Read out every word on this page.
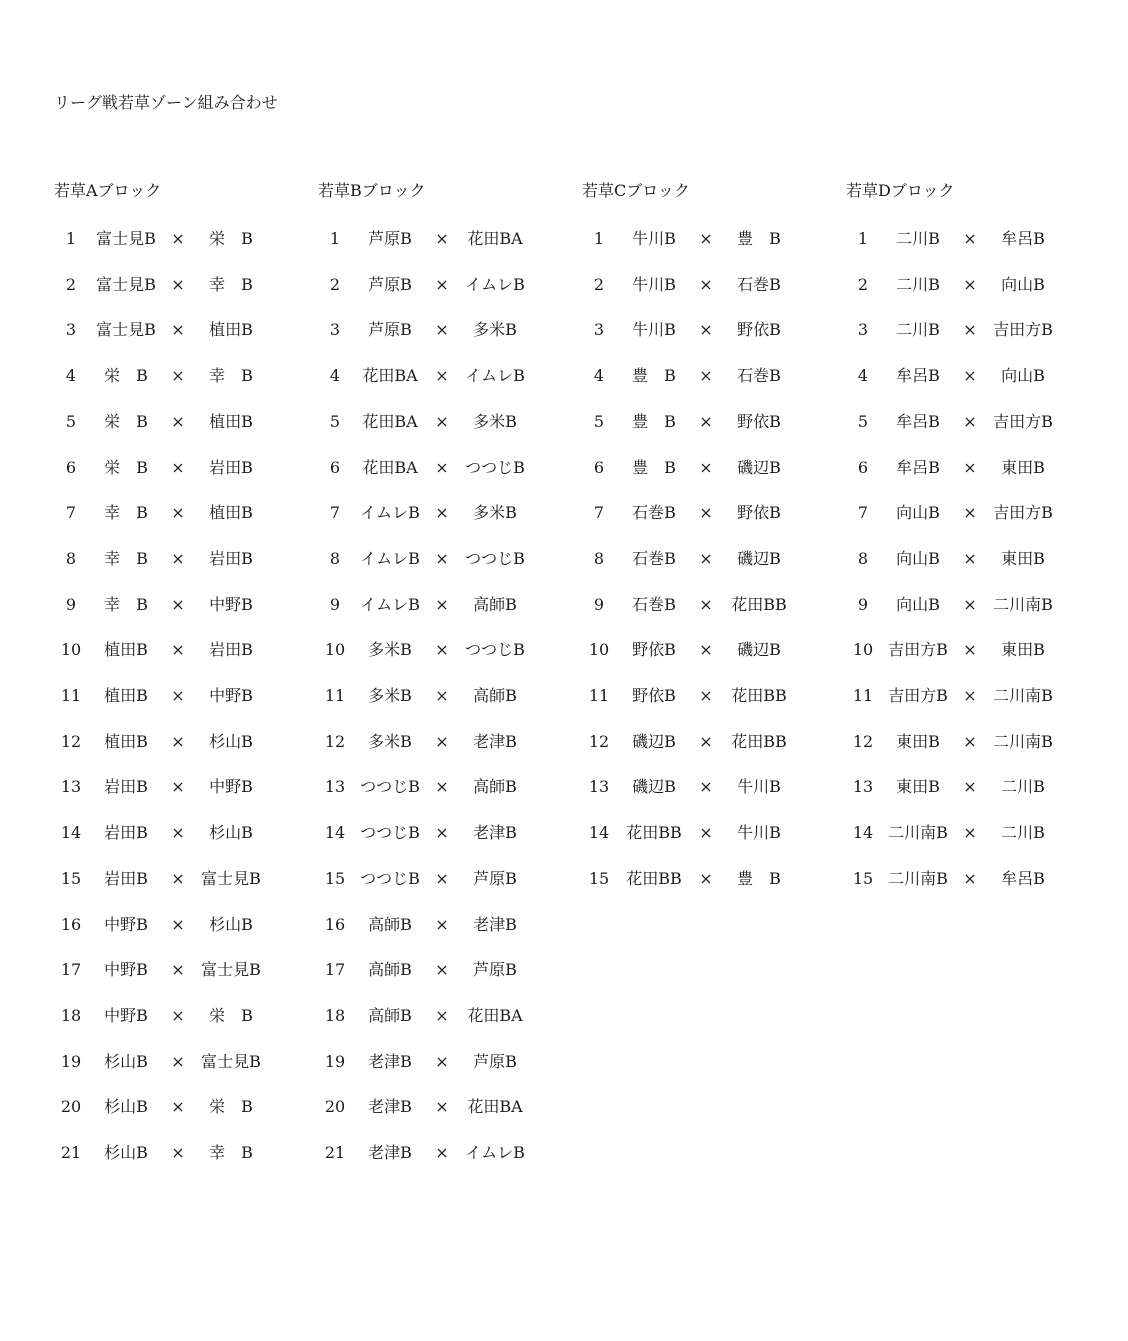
リーグ戦若草ゾーン組み合わせ
若草Aブロック
1	富士見B ×	栄　B
2	富士見B ×	幸　B
3	富士見B ×	植田B
4	栄　B	×	幸　B
5	栄　B	×	植田B
6	栄　B	×	岩田B
7	幸　B	×	植田B
8	幸　B	×	岩田B
9	幸　B	×	中野B
10	植田B	×	岩田B
11	植田B	×	中野B
12	植田B	×	杉山B
13	岩田B	×	中野B
14	岩田B	×	杉山B
15	岩田B	×	富士見B
16	中野B	×	杉山B
17	中野B	×	富士見B
18	中野B	×	栄　B
19	杉山B	×	富士見B
20	杉山B	×	栄　B
21	杉山B	×	幸　B
若草Bブロック
1	芦原B	×	花田BA
2	芦原B	×	イムレB
3	芦原B	×	多米B
4	花田BA	×	イムレB
5	花田BA	×	多米B
6	花田BA	×	つつじB
7	イムレB ×	多米B
8	イムレB ×	つつじB
9	イムレB ×	高師B
10	多米B	×	つつじB
11	多米B	×	高師B
12	多米B	×	老津B
13 つつじB ×	高師B
14 つつじB ×	老津B
15 つつじB ×	芦原B
16	高師B	×	老津B
17	高師B	×	芦原B
18	高師B	×	花田BA
19	老津B	×	芦原B
20	老津B	×	花田BA
21	老津B	×	イムレB
若草Cブロック
1	牛川B	×	豊　B
2	牛川B	×	石巻B
3	牛川B	×	野依B
4	豊　B	×	石巻B
5	豊　B	×	野依B
6	豊　B	×	磯辺B
7	石巻B	×	野依B
8	石巻B	×	磯辺B
9	石巻B	×	花田BB
10	野依B	×	磯辺B
11	野依B	×	花田BB
12	磯辺B	×	花田BB
13	磯辺B	×	牛川B
14	花田BB	×	牛川B
15	花田BB	×	豊　B
若草Dブロック
1	二川B	×	牟呂B
2	二川B	×	向山B
3	二川B	×	吉田方B
4	牟呂B	×	向山B
5	牟呂B	×	吉田方B
6	牟呂B	×	東田B
7	向山B	×	吉田方B
8	向山B	×	東田B
9	向山B	×	二川南B
10 吉田方B ×	東田B
11 吉田方B ×	二川南B
12	東田B	×	二川南B
13	東田B	×	二川B
14 二川南B ×	二川B
15 二川南B ×	牟呂B
